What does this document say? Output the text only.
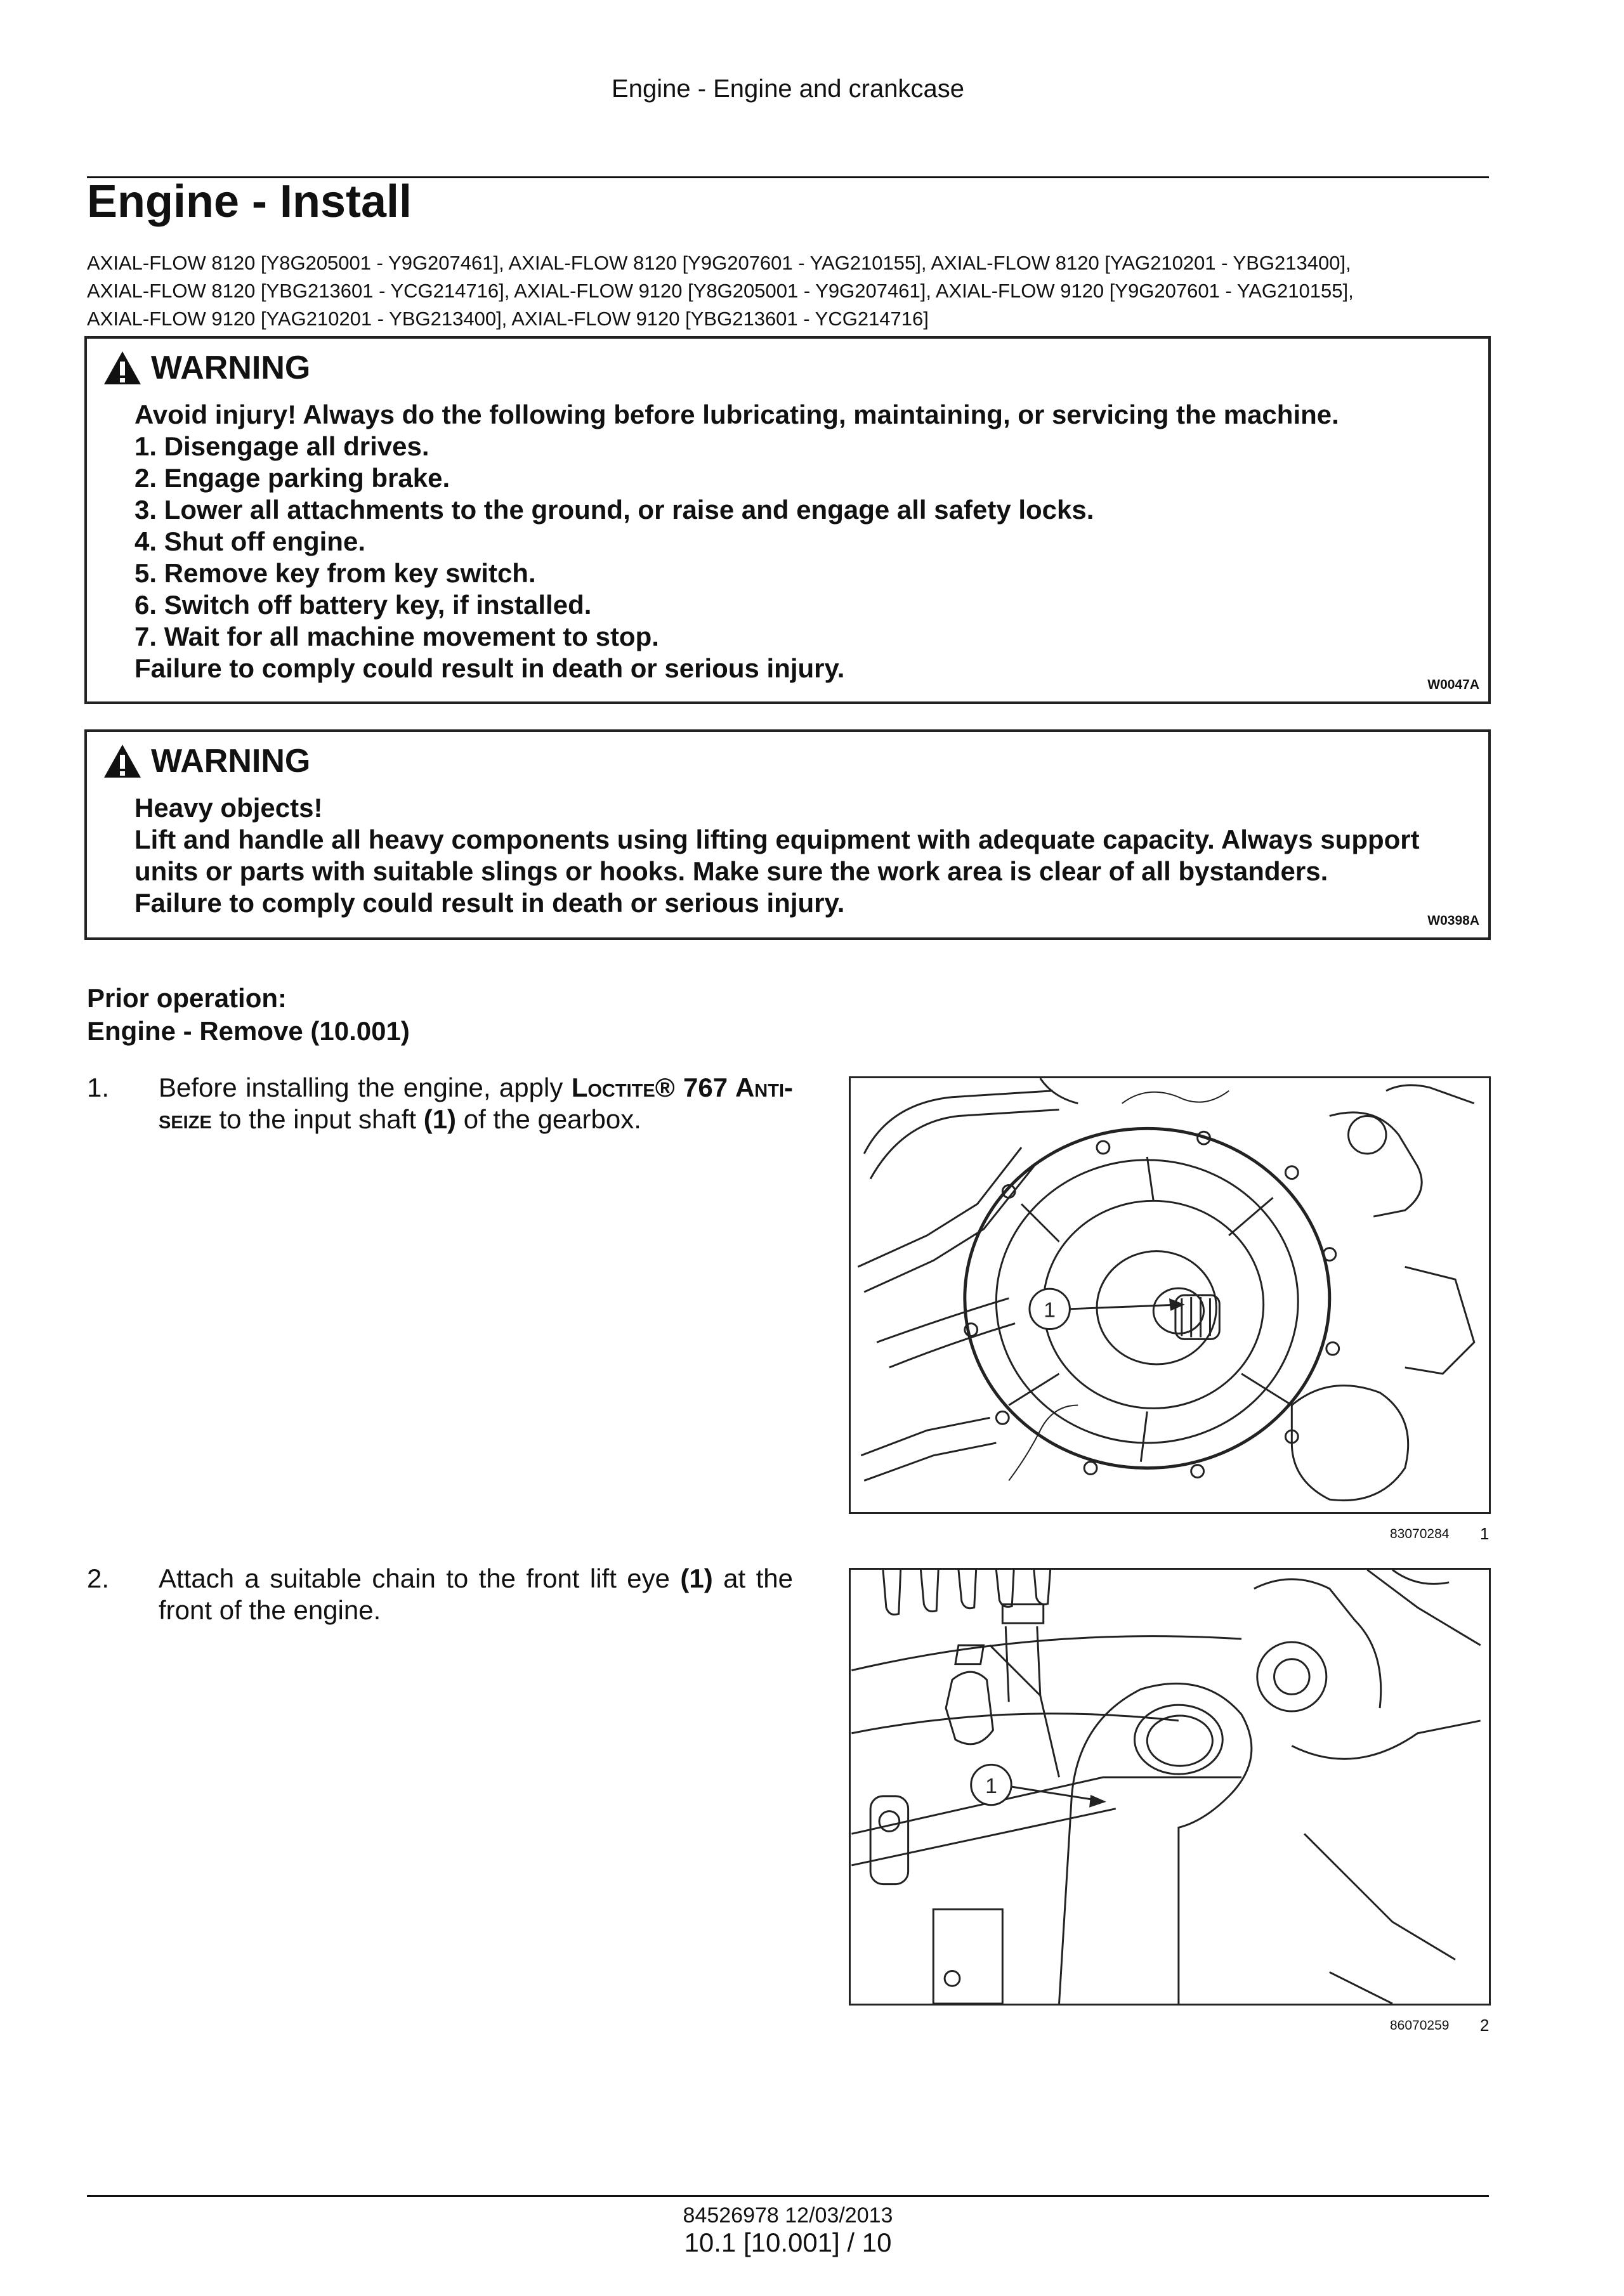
Engine - Engine and crankcase
Engine - Install
AXIAL-FLOW 8120 [Y8G205001 - Y9G207461], AXIAL-FLOW 8120 [Y9G207601 - YAG210155], AXIAL-FLOW 8120 [YAG210201 - YBG213400],
AXIAL-FLOW 8120 [YBG213601 - YCG214716], AXIAL-FLOW 9120 [Y8G205001 - Y9G207461], AXIAL-FLOW 9120 [Y9G207601 - YAG210155],
AXIAL-FLOW 9120 [YAG210201 - YBG213400], AXIAL-FLOW 9120 [YBG213601 - YCG214716]
WARNING
Avoid injury! Always do the following before lubricating, maintaining, or servicing the machine.
1. Disengage all drives.
2. Engage parking brake.
3. Lower all attachments to the ground, or raise and engage all safety locks.
4. Shut off engine.
5. Remove key from key switch.
6. Switch off battery key, if installed.
7. Wait for all machine movement to stop.
Failure to comply could result in death or serious injury.
W0047A
WARNING
Heavy objects!
Lift and handle all heavy components using lifting equipment with adequate capacity. Always support
units or parts with suitable slings or hooks. Make sure the work area is clear of all bystanders.
Failure to comply could result in death or serious injury.
W0398A
Prior operation:
Engine - Remove (10.001)
1. Before installing the engine, apply Loctite® 767 Anti-seize to the input shaft (1) of the gearbox.
1
83070284 1
2. Attach a suitable chain to the front lift eye (1) at the front of the engine.
1
86070259 2
84526978 12/03/2013
10.1 [10.001] / 10
